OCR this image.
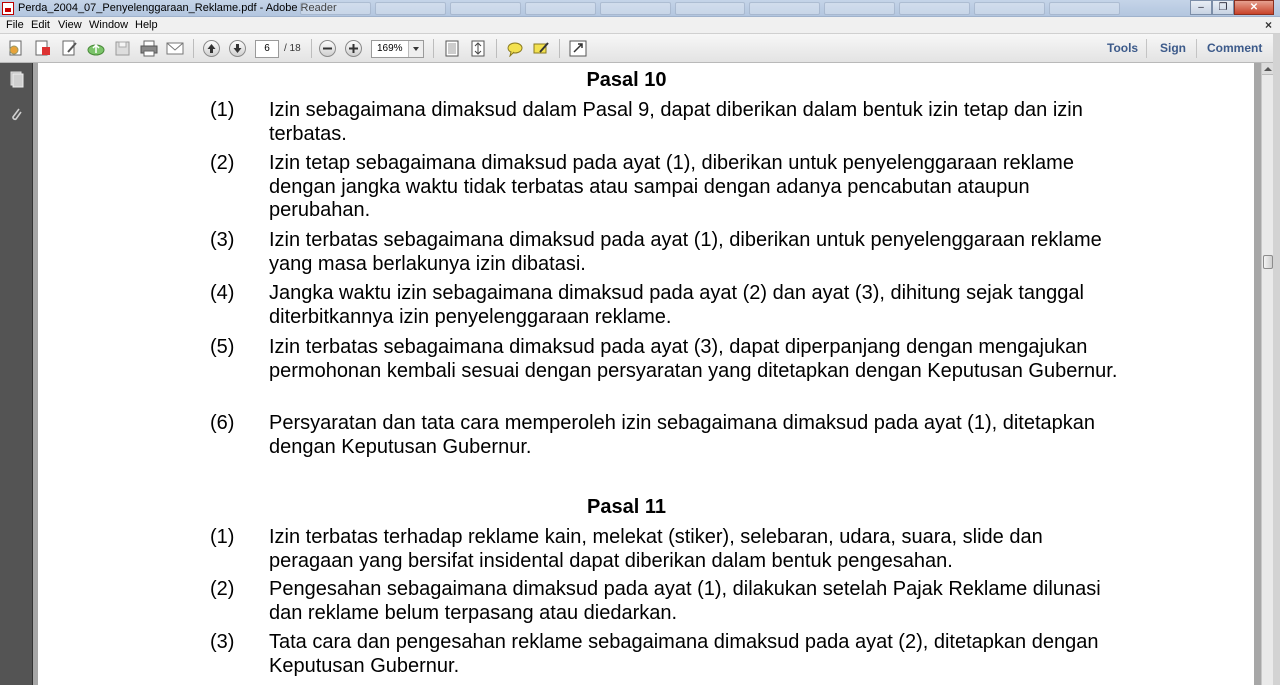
Perda_2004_07_Penyelenggaraan_Reklame.pdf - Adobe Reader	–	❐	✕
File Edit View Window Help	×
6	/ 18	169%	Tools Sign Comment
Pasal 10
(1) Izin sebagaimana dimaksud dalam Pasal 9, dapat diberikan dalam bentuk izin tetap dan izin terbatas.
(2) Izin tetap sebagaimana dimaksud pada ayat (1), diberikan untuk penyelenggaraan reklame dengan jangka waktu tidak terbatas atau sampai dengan adanya pencabutan ataupun perubahan.
(3) Izin terbatas sebagaimana dimaksud pada ayat (1), diberikan untuk penyelenggaraan reklame yang masa berlakunya izin dibatasi.
(4) Jangka waktu izin sebagaimana dimaksud pada ayat (2) dan ayat (3), dihitung sejak tanggal diterbitkannya izin penyelenggaraan reklame.
(5) Izin terbatas sebagaimana dimaksud pada ayat (3), dapat diperpanjang dengan mengajukan permohonan kembali sesuai dengan persyaratan yang ditetapkan dengan Keputusan Gubernur.
(6) Persyaratan dan tata cara memperoleh izin sebagaimana dimaksud pada ayat (1), ditetapkan dengan Keputusan Gubernur.
Pasal 11
(1) Izin terbatas terhadap reklame kain, melekat (stiker), selebaran, udara, suara, slide dan peragaan yang bersifat insidental dapat diberikan dalam bentuk pengesahan.
(2) Pengesahan sebagaimana dimaksud pada ayat (1), dilakukan setelah Pajak Reklame dilunasi dan reklame belum terpasang atau diedarkan.
(3) Tata cara dan pengesahan reklame sebagaimana dimaksud pada ayat (2), ditetapkan dengan Keputusan Gubernur.
